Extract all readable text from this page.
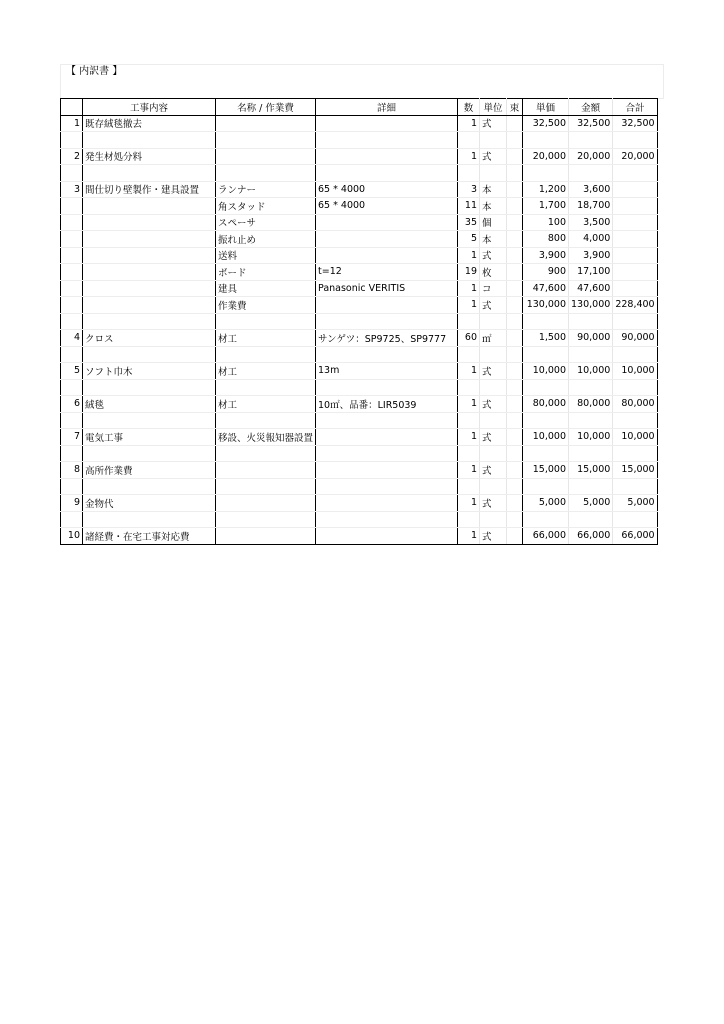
【 内訳書 】
	工事内容	名称 / 作業費	詳細	数	単位	束	単価	金額	合計
1	既存絨毯撤去			1	式		32,500	32,500	32,500

2	発生材処分料			1	式		20,000	20,000	20,000

3	間仕切り壁製作・建具設置	ランナー	65 * 4000	3	本		1,200	3,600	
		角スタッド	65 * 4000	11	本		1,700	18,700	
		スペーサ		35	個		100	3,500	
		振れ止め		5	本		800	4,000	
		送料		1	式		3,900	3,900	
		ボード	t=12	19	枚		900	17,100	
		建具	Panasonic VERITIS	1	コ		47,600	47,600	
		作業費		1	式		130,000	130,000	228,400

4	クロス	材工	サンゲツ：SP9725、SP9777	60	㎡		1,500	90,000	90,000

5	ソフト巾木	材工	13m	1	式		10,000	10,000	10,000

6	絨毯	材工	10㎡、品番：LIR5039	1	式		80,000	80,000	80,000

7	電気工事	移設、火災報知器設置		1	式		10,000	10,000	10,000

8	高所作業費			1	式		15,000	15,000	15,000

9	金物代			1	式		5,000	5,000	5,000

10	諸経費・在宅工事対応費			1	式		66,000	66,000	66,000
